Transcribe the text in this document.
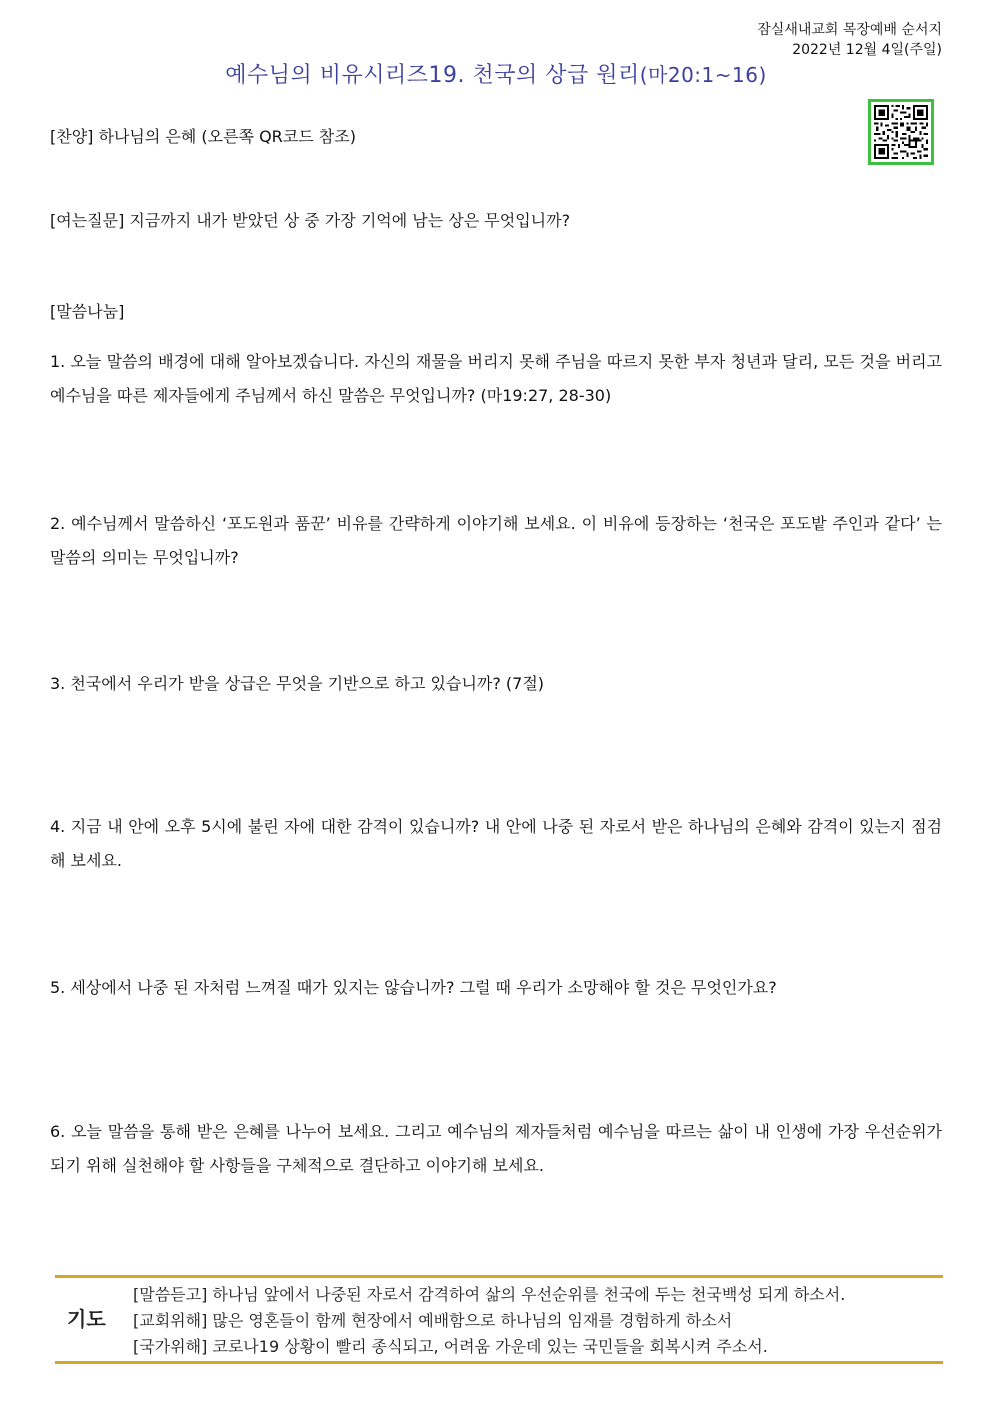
잠실새내교회 목장예배 순서지
2022년 12월 4일(주일)
예수님의 비유시리즈19. 천국의 상급 원리(마20:1~16)
[찬양] 하나님의 은혜 (오른쪽 QR코드 참조)
[여는질문] 지금까지 내가 받았던 상 중 가장 기억에 남는 상은 무엇입니까?
[말씀나눔]
1. 오늘 말씀의 배경에 대해 알아보겠습니다. 자신의 재물을 버리지 못해 주님을 따르지 못한 부자 청년과 달리, 모든 것을 버리고 예수님을 따른 제자들에게 주님께서 하신 말씀은 무엇입니까? (마19:27, 28-30)
2. 예수님께서 말씀하신 ‘포도원과 품꾼’ 비유를 간략하게 이야기해 보세요. 이 비유에 등장하는 ‘천국은 포도밭 주인과 같다’ 는 말씀의 의미는 무엇입니까?
3. 천국에서 우리가 받을 상급은 무엇을 기반으로 하고 있습니까? (7절)
4. 지금 내 안에 오후 5시에 불린 자에 대한 감격이 있습니까? 내 안에 나중 된 자로서 받은 하나님의 은혜와 감격이 있는지 점검해 보세요.
5. 세상에서 나중 된 자처럼 느껴질 때가 있지는 않습니까? 그럴 때 우리가 소망해야 할 것은 무엇인가요?
6. 오늘 말씀을 통해 받은 은혜를 나누어 보세요. 그리고 예수님의 제자들처럼 예수님을 따르는 삶이 내 인생에 가장 우선순위가 되기 위해 실천해야 할 사항들을 구체적으로 결단하고 이야기해 보세요.
기도
[말씀듣고] 하나님 앞에서 나중된 자로서 감격하여 삶의 우선순위를 천국에 두는 천국백성 되게 하소서.
[교회위해] 많은 영혼들이 함께 현장에서 예배함으로 하나님의 임재를 경험하게 하소서
[국가위해] 코로나19 상황이 빨리 종식되고, 어려움 가운데 있는 국민들을 회복시켜 주소서.
